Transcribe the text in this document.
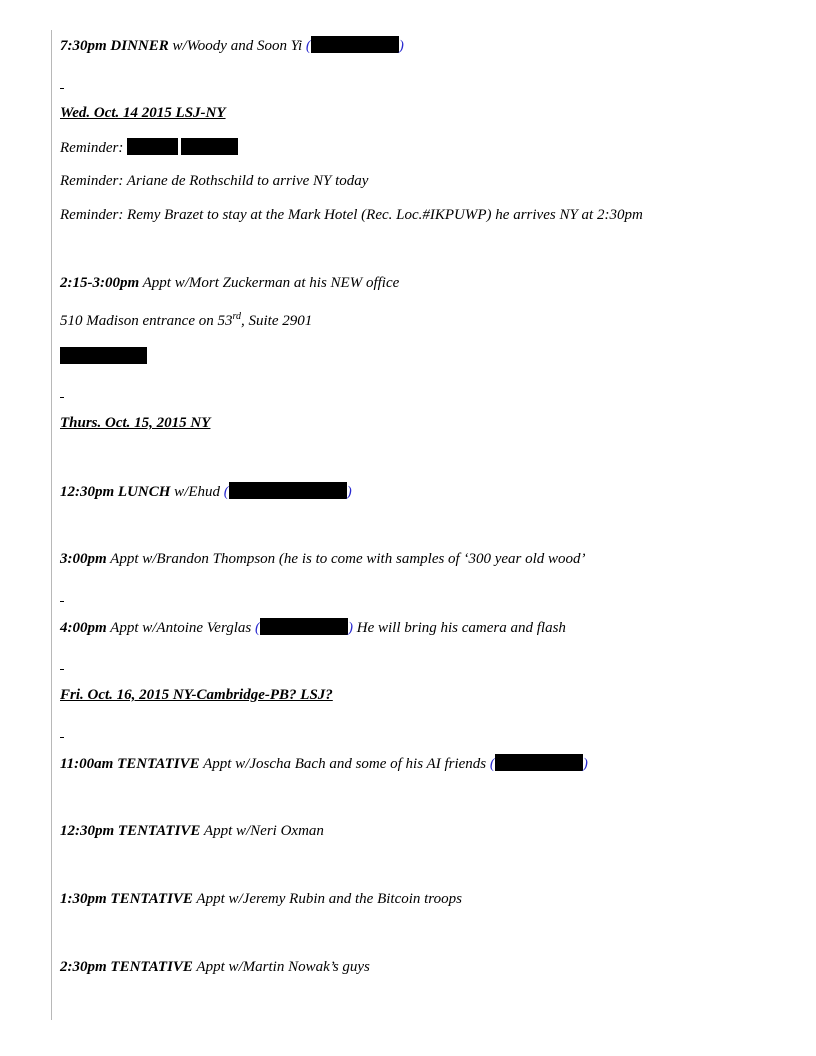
7:30pm DINNER w/Woody and Soon Yi (	)
Wed. Oct. 14 2015 LSJ-NY
Reminder:
Reminder: Ariane de Rothschild to arrive NY today
Reminder: Remy Brazet to stay at the Mark Hotel (Rec. Loc.#IKPUWP) he arrives NY at 2:30pm
2:15-3:00pm Appt w/Mort Zuckerman at his NEW office
510 Madison entrance on 53rd, Suite 2901
Thurs. Oct. 15, 2015 NY
12:30pm LUNCH w/Ehud (	)
3:00pm Appt w/Brandon Thompson (he is to come with samples of ‘300 year old wood’
4:00pm Appt w/Antoine Verglas (	) He will bring his camera and flash
Fri. Oct. 16, 2015 NY-Cambridge-PB? LSJ?
11:00am TENTATIVE Appt w/Joscha Bach and some of his AI friends (	)
12:30pm TENTATIVE Appt w/Neri Oxman
1:30pm TENTATIVE Appt w/Jeremy Rubin and the Bitcoin troops
2:30pm TENTATIVE Appt w/Martin Nowak’s guys
